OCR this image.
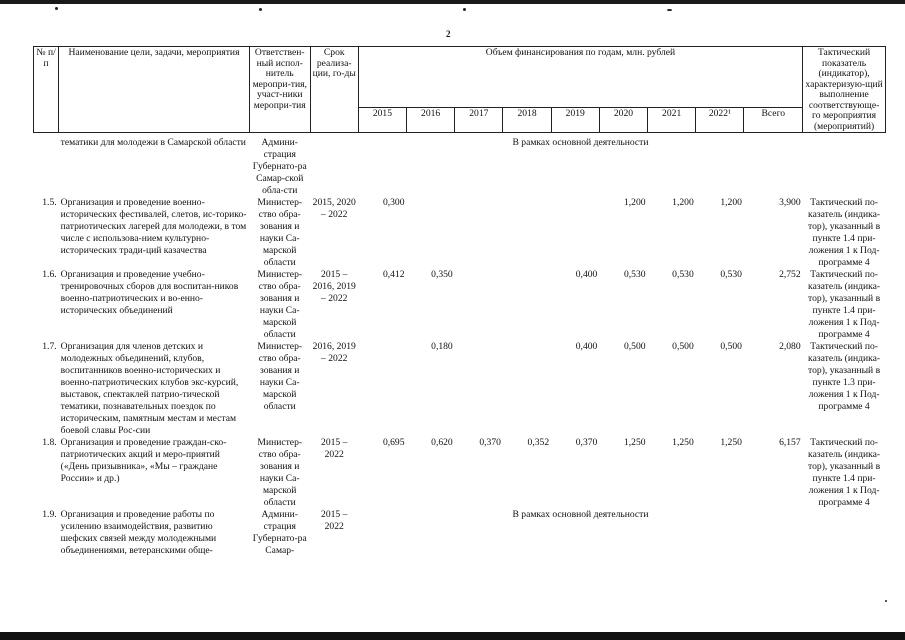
2
№ п/п	Наименование цели, задачи, мероприятия	Ответствен-ный испол-нитель меропри-тия, участ-ники меропри-тия	Срок реализа-ции, го-ды	Объем финансирования по годам, млн. рублей									Тактический показатель (индикатор), характеризую-щий выполнение соответствующе-го мероприятия (мероприятий)
				2015	2016	2017	2018	2019	2020	2021	2022¹	Всего	

	тематики для молодежи в Самарской области	Админи-страция Губернато-ра Самар-ской обла-сти		В рамках основной деятельности									
1.5.	Организация и проведение военно-исторических фестивалей, слетов, ис-торико-патриотических лагерей для молодежи, в том числе с использова-нием культурно-исторических тради-ций казачества	Министер-ство обра-зования и науки Са-марской области	2015, 2020 – 2022	0,300					1,200	1,200	1,200	3,900	Тактический по-казатель (индика-тор), указанный в пункте 1.4 при-ложения 1 к Под-программе 4
1.6.	Организация и проведение учебно-тренировочных сборов для воспитан-ников военно-патриотических и во-енно-исторических объединений	Министер-ство обра-зования и науки Са-марской области	2015 – 2016, 2019 – 2022	0,412	0,350			0,400	0,530	0,530	0,530	2,752	Тактический по-казатель (индика-тор), указанный в пункте 1.4 при-ложения 1 к Под-программе 4
1.7.	Организация для членов детских и молодежных объединений, клубов, воспитанников военно-исторических и военно-патриотических клубов экс-курсий, выставок, спектаклей патрио-тической тематики, познавательных поездок по историческим, памятным местам и местам боевой славы Рос-сии	Министер-ство обра-зования и науки Са-марской области	2016, 2019 – 2022		0,180			0,400	0,500	0,500	0,500	2,080	Тактический по-казатель (индика-тор), указанный в пункте 1.3 при-ложения 1 к Под-программе 4
1.8.	Организация и проведение граждан-ско-патриотических акций и меро-приятий («День призывника», «Мы – граждане России» и др.)	Министер-ство обра-зования и науки Са-марской области	2015 – 2022	0,695	0,620	0,370	0,352	0,370	1,250	1,250	1,250	6,157	Тактический по-казатель (индика-тор), указанный в пункте 1.4 при-ложения 1 к Под-программе 4
1.9.	Организация и проведение работы по усилению взаимодействия, развитию шефских связей между молодежными объединениями, ветеранскими обще-	Админи-страция Губернато-ра Самар-	2015 – 2022	В рамках основной деятельности									
